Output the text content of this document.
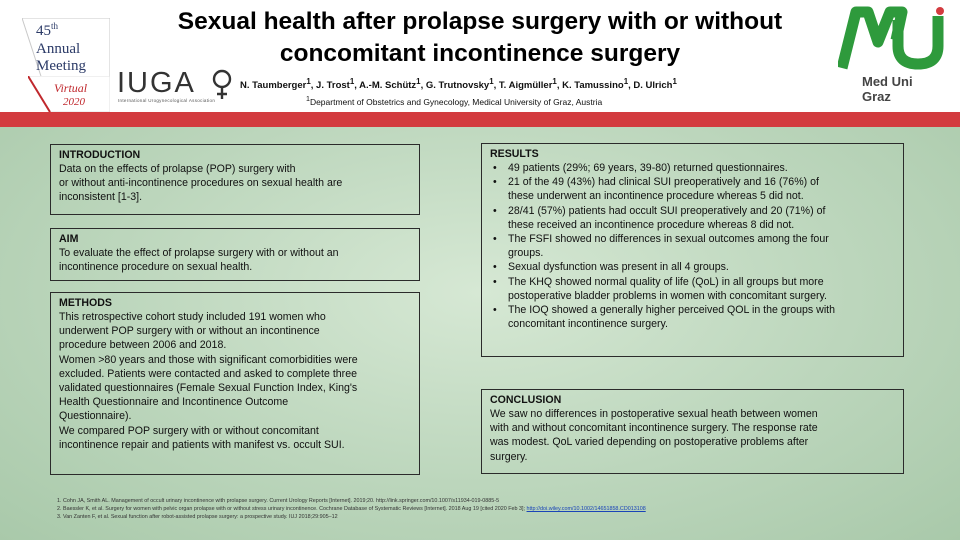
45th
Annual
Meeting
Virtual
2020
IUGA
International Urogynecological Association
Sexual health after prolapse surgery with or without
concomitant incontinence surgery
N. Taumberger$^1$, J. Trost$^1$, A.-M. Schütz$^1$, G. Trutnovsky$^1$, T. Aigmüller$^1$, K. Tamussino$^1$, D. Ulrich$^1$
$^1$Department of Obstetrics and Gynecology, Medical University of Graz, Austria
Med Uni
Graz
INTRODUCTION

Data on the effects of prolapse (POP) surgery with

or without anti-incontinence procedures on sexual health are

inconsistent [1-3].

AIM

To evaluate the effect of prolapse surgery with or without an

incontinence procedure on sexual health.

METHODS

This retrospective cohort study included 191 women who

underwent POP surgery with or without an incontinence

procedure between 2006 and 2018.

Women >80 years and those with significant comorbidities were

excluded. Patients were contacted and asked to complete three

validated questionnaires (Female Sexual Function Index, King's

Health Questionnaire and Incontinence Outcome

Questionnaire).

We compared POP surgery with or without concomitant

incontinence repair and patients with manifest vs. occult SUI.

RESULTS
• 49 patients (29%; 69 years, 39-80) returned questionnaires.
• 21 of the 49 (43%) had clinical SUI preoperatively and 16 (76%) of
these underwent an incontinence procedure whereas 5 did not.
• 28/41 (57%) patients had occult SUI preoperatively and 20 (71%) of
these received an incontinence procedure whereas 8 did not.
• The FSFI showed no differences in sexual outcomes among the four
groups.
• Sexual dysfunction was present in all 4 groups.
• The KHQ showed normal quality of life (QoL) in all groups but more
postoperative bladder problems in women with concomitant surgery.
• The IOQ showed a generally higher perceived QOL in the groups with
concomitant incontinence surgery.
CONCLUSION

We saw no differences in postoperative sexual heath between women

with and without concomitant incontinence surgery. The response rate

was modest. QoL varied depending on postoperative problems after

surgery.

1. Cohn JA, Smith AL. Management of occult urinary incontinence with prolapse surgery. Current Urology Reports [Internet]. 2019;20. http://link.springer.com/10.1007/s11934-019-0885-5
2. Baessler K, et al. Surgery for women with pelvic organ prolapse with or without stress urinary incontinence. Cochrane Database of Systematic Reviews [Internet]. 2018 Aug 19 [cited 2020 Feb 3]; http://doi.wiley.com/10.1002/14651858.CD013108
3. Van Zanten F, et al. Sexual function after robot-assisted prolapse surgery: a prospective study. IUJ 2018;29:905–12
